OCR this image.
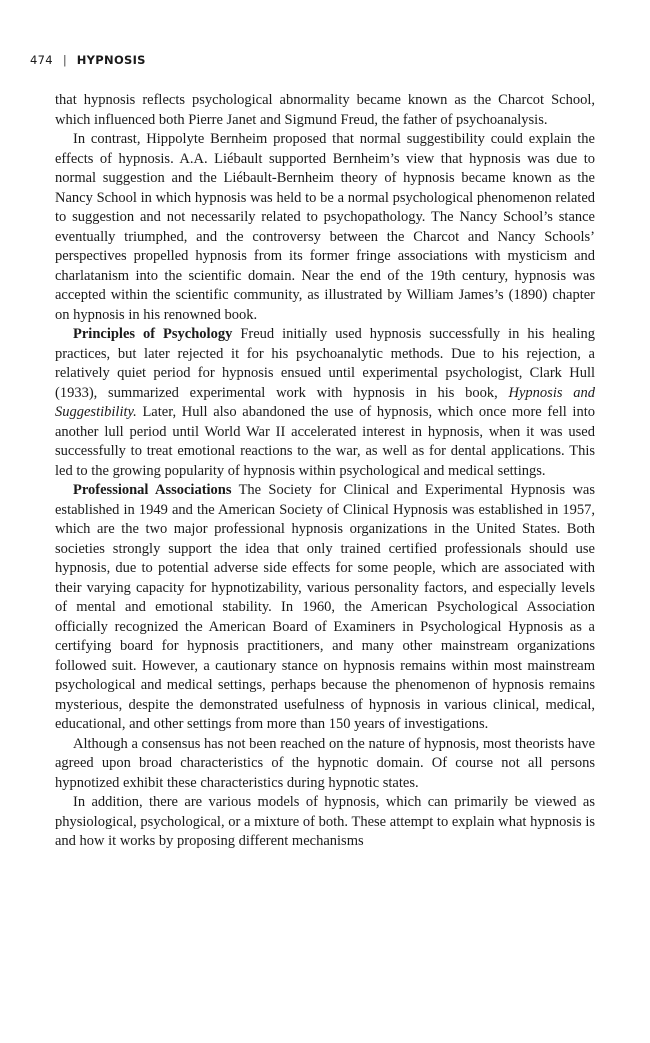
474 | HYPNOSIS

that hypnosis reflects psychological abnormality became known as the Charcot School, which influenced both Pierre Janet and Sigmund Freud, the father of psychoanalysis.

In contrast, Hippolyte Bernheim proposed that normal suggestibility could explain the effects of hypnosis. A.A. Liébault supported Bernheim’s view that hypnosis was due to normal suggestion and the Liébault-Bernheim theory of hypnosis became known as the Nancy School in which hypnosis was held to be a normal psychological phenomenon related to suggestion and not necessarily related to psychopathology. The Nancy School’s stance eventually triumphed, and the controversy between the Charcot and Nancy Schools’ perspectives propelled hypnosis from its former fringe associations with mysticism and charlatanism into the scientific domain. Near the end of the 19th century, hypnosis was accepted within the scientific community, as illustrated by William James’s (1890) chapter on hypnosis in his renowned book.

Principles of Psychology Freud initially used hypnosis successfully in his healing practices, but later rejected it for his psychoanalytic methods. Due to his rejection, a relatively quiet period for hypnosis ensued until experimental psychologist, Clark Hull (1933), summarized experimental work with hypnosis in his book, Hypnosis and Suggestibility. Later, Hull also abandoned the use of hypnosis, which once more fell into another lull period until World War II accelerated interest in hypnosis, when it was used successfully to treat emotional reactions to the war, as well as for dental applications. This led to the growing popularity of hypnosis within psychological and medical settings.

Professional Associations The Society for Clinical and Experimental Hypnosis was established in 1949 and the American Society of Clinical Hypnosis was established in 1957, which are the two major professional hypnosis organizations in the United States. Both societies strongly support the idea that only trained certified professionals should use hypnosis, due to potential adverse side effects for some people, which are associated with their varying capacity for hypnotizability, various personality factors, and especially levels of mental and emotional stability. In 1960, the American Psychological Association officially recognized the American Board of Examiners in Psychological Hypnosis as a certifying board for hypnosis practitioners, and many other mainstream organizations followed suit. However, a cautionary stance on hypnosis remains within most mainstream psychological and medical settings, perhaps because the phenomenon of hypnosis remains mysterious, despite the demonstrated usefulness of hypnosis in various clinical, medical, educational, and other settings from more than 150 years of investigations.

Although a consensus has not been reached on the nature of hypnosis, most theorists have agreed upon broad characteristics of the hypnotic domain. Of course not all persons hypnotized exhibit these characteristics during hypnotic states.

In addition, there are various models of hypnosis, which can primarily be viewed as physiological, psychological, or a mixture of both. These attempt to explain what hypnosis is and how it works by proposing different mechanisms
